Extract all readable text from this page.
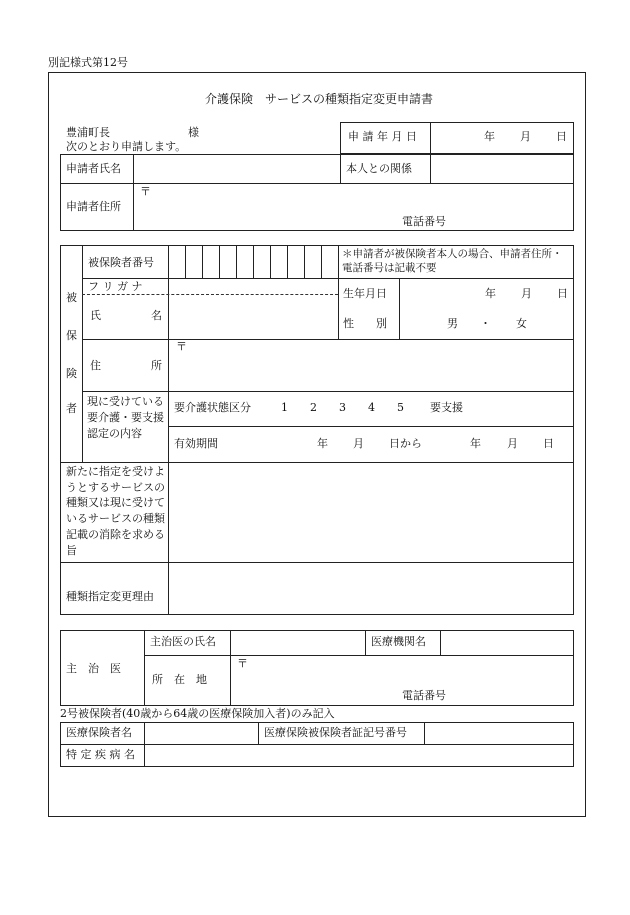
別記様式第12号
介護保険　サービスの種類指定変更申請書
豊浦町長	様
次のとおり申請します。
申 請 年 月 日	年 月 日
申請者氏名	本人との関係
申請者住所
〒
電話番号
被
保
険
者
被保険者番号
＊申請者が被保険者本人の場合、申請者住所・電話番号は記載不要
フ リ ガ ナ
氏	名
生年月日	年 月 日
性　　別	男 ・ 女
住	所
〒
現に受けている要介護・要支援認定の内容
要介護状態区分	1 2 3 4 5 要支援
有効期間	年 月 日から	年 月 日
新たに指定を受けようとするサービスの種類又は現に受けているサービスの種類記載の消除を求める旨
種類指定変更理由
主　治　医
主治医の氏名	医療機関名
所　在　地
〒
電話番号
2号被保険者(40歳から64歳の医療保険加入者)のみ記入
医療保険者名	医療保険被保険者証記号番号
特 定 疾 病 名
